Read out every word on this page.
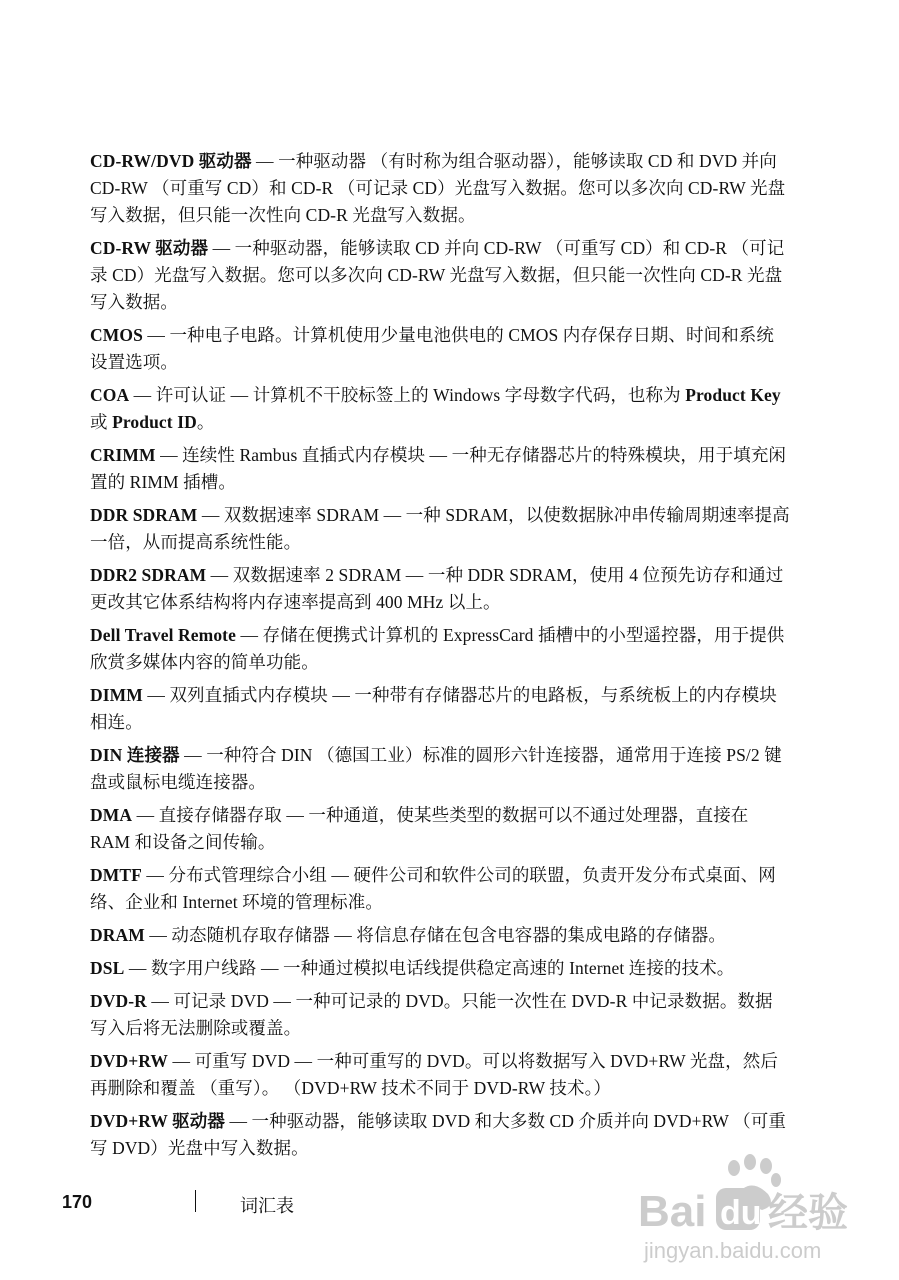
CD-RW/DVD 驱动器 — 一种驱动器 （有时称为组合驱动器），能够读取 CD 和 DVD 并向 CD-RW （可重写 CD）和 CD-R （可记录 CD）光盘写入数据。您可以多次向 CD-RW 光盘写入数据，但只能一次性向 CD-R 光盘写入数据。

CD-RW 驱动器 — 一种驱动器，能够读取 CD 并向 CD-RW （可重写 CD）和 CD-R （可记录 CD）光盘写入数据。您可以多次向 CD-RW 光盘写入数据，但只能一次性向 CD-R 光盘写入数据。

CMOS — 一种电子电路。计算机使用少量电池供电的 CMOS 内存保存日期、时间和系统设置选项。

COA — 许可认证 — 计算机不干胶标签上的 Windows 字母数字代码，也称为 Product Key 或 Product ID。

CRIMM — 连续性 Rambus 直插式内存模块 — 一种无存储器芯片的特殊模块，用于填充闲置的 RIMM 插槽。

DDR SDRAM — 双数据速率 SDRAM — 一种 SDRAM，以使数据脉冲串传输周期速率提高一倍，从而提高系统性能。

DDR2 SDRAM — 双数据速率 2 SDRAM — 一种 DDR SDRAM，使用 4 位预先访存和通过更改其它体系结构将内存速率提高到 400 MHz 以上。

Dell Travel Remote — 存储在便携式计算机的 ExpressCard 插槽中的小型遥控器，用于提供欣赏多媒体内容的简单功能。

DIMM — 双列直插式内存模块 — 一种带有存储器芯片的电路板，与系统板上的内存模块相连。

DIN 连接器 — 一种符合 DIN （德国工业）标准的圆形六针连接器，通常用于连接 PS/2 键盘或鼠标电缆连接器。

DMA — 直接存储器存取 — 一种通道，使某些类型的数据可以不通过处理器，直接在 RAM 和设备之间传输。

DMTF — 分布式管理综合小组 — 硬件公司和软件公司的联盟，负责开发分布式桌面、网络、企业和 Internet 环境的管理标准。

DRAM — 动态随机存取存储器 — 将信息存储在包含电容器的集成电路的存储器。

DSL — 数字用户线路 — 一种通过模拟电话线提供稳定高速的 Internet 连接的技术。

DVD-R — 可记录 DVD — 一种可记录的 DVD。只能一次性在 DVD-R 中记录数据。数据写入后将无法删除或覆盖。

DVD+RW — 可重写 DVD — 一种可重写的 DVD。可以将数据写入 DVD+RW 光盘，然后再删除和覆盖 （重写）。 （DVD+RW 技术不同于 DVD-RW 技术。）

DVD+RW 驱动器 — 一种驱动器，能够读取 DVD 和大多数 CD 介质并向 DVD+RW （可重写 DVD）光盘中写入数据。

170	词汇表	Bai du 经验
jingyan.baidu.com
